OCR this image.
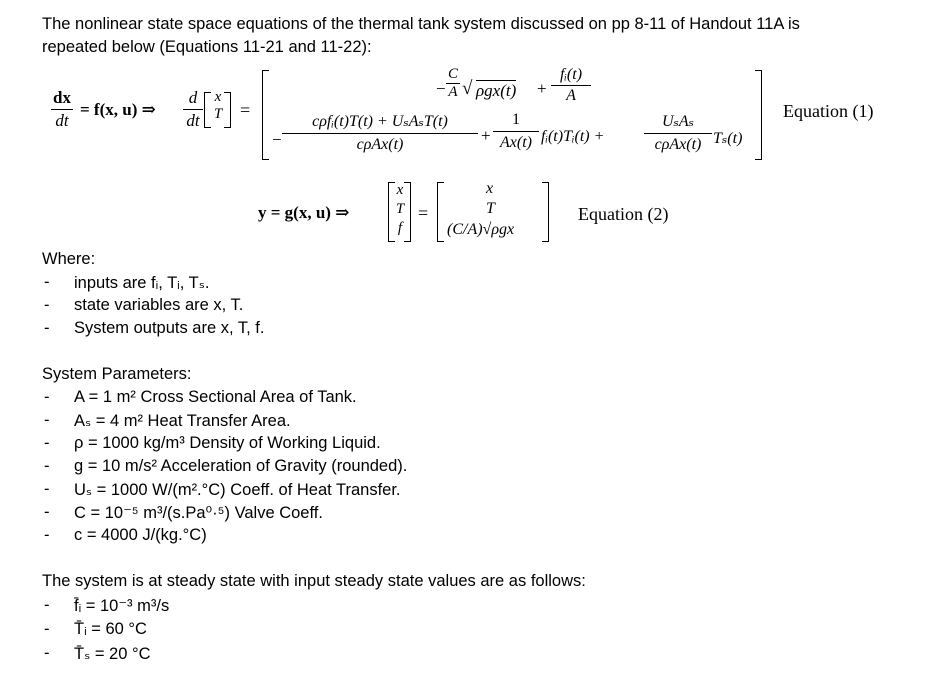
The nonlinear state space equations of the thermal tank system discussed on pp 8-11 of Handout 11A is
repeated below (Equations 11-21 and 11-22):
dx
dt
= f(x, u) ⇒
d
dt
x
T =
−
C
A √ ρgx(t) +
fᵢ(t)
A
−
cρfᵢ(t)T(t) + UₛAₛT(t)
cρAx(t)	+
1
Ax(t) fᵢ(t)Tᵢ(t) +
UₛAₛ
cρAx(t) Tₛ(t)
Equation (1)
y = g(x, u) ⇒
x
T
f
=
x
T
(C/A)√ρgx
Equation (2)
Where:
- inputs are fᵢ, Tᵢ, Tₛ.
- state variables are x, T.
- System outputs are x, T, f.
System Parameters:
- A = 1 m² Cross Sectional Area of Tank.
- Aₛ = 4 m² Heat Transfer Area.
- ρ = 1000 kg/m³ Density of Working Liquid.
- g = 10 m/s² Acceleration of Gravity (rounded).
- Uₛ = 1000 W/(m².°C) Coeff. of Heat Transfer.
- C = 10⁻⁵ m³/(s.Pa⁰·⁵) Valve Coeff.
- c = 4000 J/(kg.°C)
The system is at steady state with input steady state values are as follows:
- f̄ᵢ = 10⁻³ m³/s
- T̄ᵢ = 60 °C
- T̄ₛ = 20 °C
